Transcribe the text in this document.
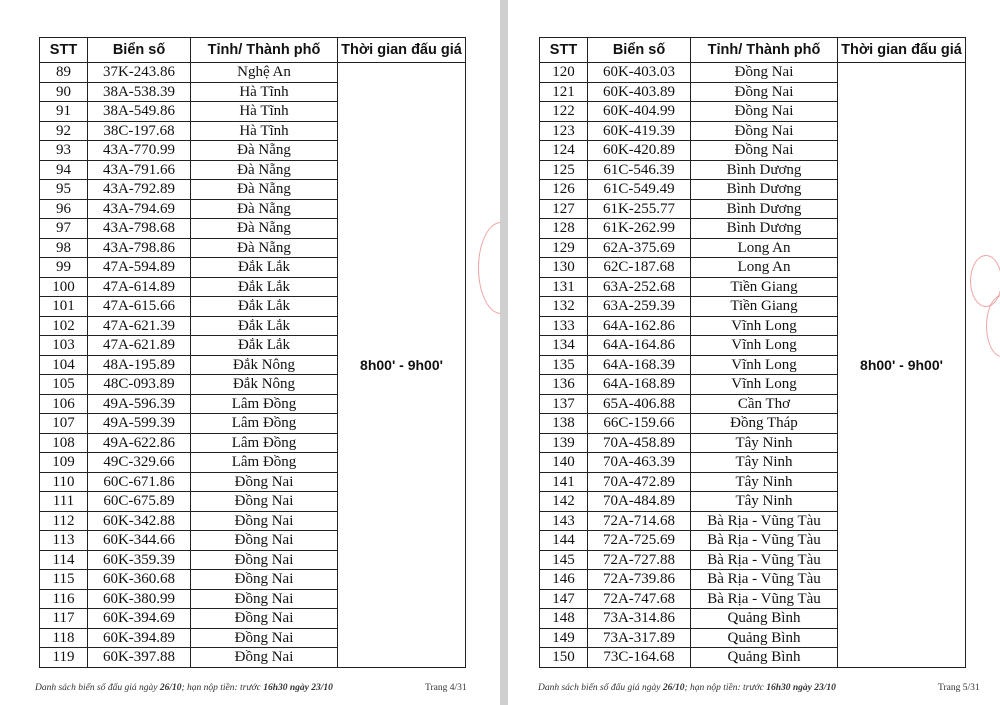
STT	Biển số	Tỉnh/ Thành phố	Thời gian đấu giá
89	37K-243.86	Nghệ An	8h00' - 9h00'
90	38A-538.39	Hà Tĩnh	
91	38A-549.86	Hà Tĩnh	
92	38C-197.68	Hà Tĩnh	
93	43A-770.99	Đà Nẵng	
94	43A-791.66	Đà Nẵng	
95	43A-792.89	Đà Nẵng	
96	43A-794.69	Đà Nẵng	
97	43A-798.68	Đà Nẵng	
98	43A-798.86	Đà Nẵng	
99	47A-594.89	Đắk Lắk	
100	47A-614.89	Đắk Lắk	
101	47A-615.66	Đắk Lắk	
102	47A-621.39	Đắk Lắk	
103	47A-621.89	Đắk Lắk	
104	48A-195.89	Đắk Nông	
105	48C-093.89	Đắk Nông	
106	49A-596.39	Lâm Đồng	
107	49A-599.39	Lâm Đồng	
108	49A-622.86	Lâm Đồng	
109	49C-329.66	Lâm Đồng	
110	60C-671.86	Đồng Nai	
111	60C-675.89	Đồng Nai	
112	60K-342.88	Đồng Nai	
113	60K-344.66	Đồng Nai	
114	60K-359.39	Đồng Nai	
115	60K-360.68	Đồng Nai	
116	60K-380.99	Đồng Nai	
117	60K-394.69	Đồng Nai	
118	60K-394.89	Đồng Nai	
119	60K-397.88	Đồng Nai	
Danh sách biển số đấu giá ngày 26/10; hạn nộp tiền: trước 16h30 ngày 23/10	Trang 4/31
STT	Biển số	Tỉnh/ Thành phố	Thời gian đấu giá
120	60K-403.03	Đồng Nai	8h00' - 9h00'
121	60K-403.89	Đồng Nai	
122	60K-404.99	Đồng Nai	
123	60K-419.39	Đồng Nai	
124	60K-420.89	Đồng Nai	
125	61C-546.39	Bình Dương	
126	61C-549.49	Bình Dương	
127	61K-255.77	Bình Dương	
128	61K-262.99	Bình Dương	
129	62A-375.69	Long An	
130	62C-187.68	Long An	
131	63A-252.68	Tiền Giang	
132	63A-259.39	Tiền Giang	
133	64A-162.86	Vĩnh Long	
134	64A-164.86	Vĩnh Long	
135	64A-168.39	Vĩnh Long	
136	64A-168.89	Vĩnh Long	
137	65A-406.88	Cần Thơ	
138	66C-159.66	Đồng Tháp	
139	70A-458.89	Tây Ninh	
140	70A-463.39	Tây Ninh	
141	70A-472.89	Tây Ninh	
142	70A-484.89	Tây Ninh	
143	72A-714.68	Bà Rịa - Vũng Tàu	
144	72A-725.69	Bà Rịa - Vũng Tàu	
145	72A-727.88	Bà Rịa - Vũng Tàu	
146	72A-739.86	Bà Rịa - Vũng Tàu	
147	72A-747.68	Bà Rịa - Vũng Tàu	
148	73A-314.86	Quảng Bình	
149	73A-317.89	Quảng Bình	
150	73C-164.68	Quảng Bình	
Danh sách biển số đấu giá ngày 26/10; hạn nộp tiền: trước 16h30 ngày 23/10	Trang 5/31
